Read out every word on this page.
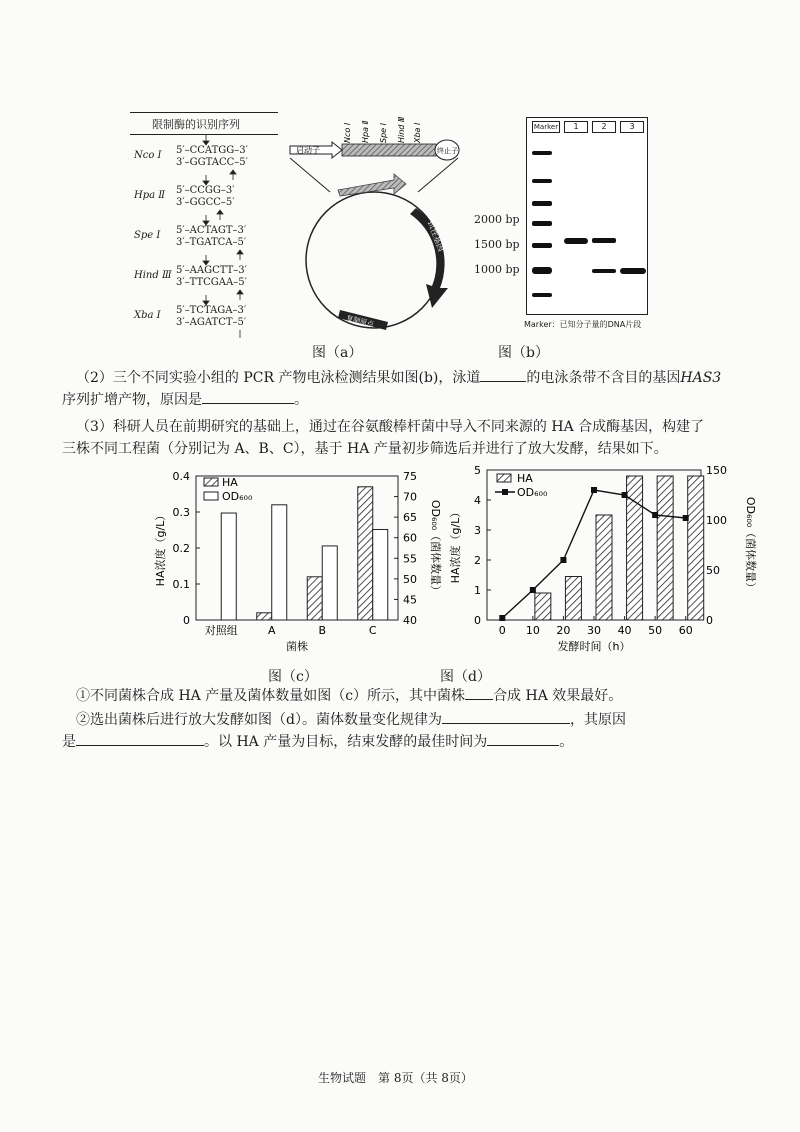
限制酶的识别序列
Nco Ⅰ 5′–CCATGG–3′
3′–GGTACC–5′
Hpa Ⅱ 5′–CCGG–3′
3′–GGCC–5′
Spe Ⅰ 5′–ACTAGT–3′
3′–TGATCA–5′
Hind Ⅲ 5′–AAGCTT–3′
3′–TTCGAA–5′
Xba Ⅰ 5′–TCTAGA–3′
3′–AGATCT–5′
启动子	终止子
Nco Ⅰ Hpa Ⅱ Spe Ⅰ Hind Ⅲ Xba Ⅰ
抗性基因
复制原点
图（a）
Marker	1	2	3
2000 bp
1500 bp
1000 bp
Marker：已知分子量的DNA片段
图（b）
（2）三个不同实验小组的 PCR 产物电泳检测结果如图(b)，泳道	的电泳条带不含目的基因HAS3
序列扩增产物，原因是	。
（3）科研人员在前期研究的基础上，通过在谷氨酸棒杆菌中导入不同来源的 HA 合成酶基因，构建了
三株不同工程菌（分别记为 A、B、C），基于 HA 产量初步筛选后并进行了放大发酵，结果如下。
0
0.1
0.2
0.3
0.4
40
45
50
55
60
65
70
75
HA浓度（g/L）	OD₆₀₀（菌体数量）
对照组	A	B	C
菌株
HA
OD₆₀₀
图（c）
0
1
2
3
4
5
0
50
100
150
HA浓度（g/L）	OD₆₀₀（菌体数量）
0 10 20 30 40 50 60
发酵时间（h）
HA
OD₆₀₀
图（d）
①不同菌株合成 HA 产量及菌体数量如图（c）所示，其中菌株 合成 HA 效果最好。
②选出菌株后进行放大发酵如图（d）。菌体数量变化规律为	，其原因
是	。以 HA 产量为目标，结束发酵的最佳时间为	。
生物试题　第 8页（共 8页）
